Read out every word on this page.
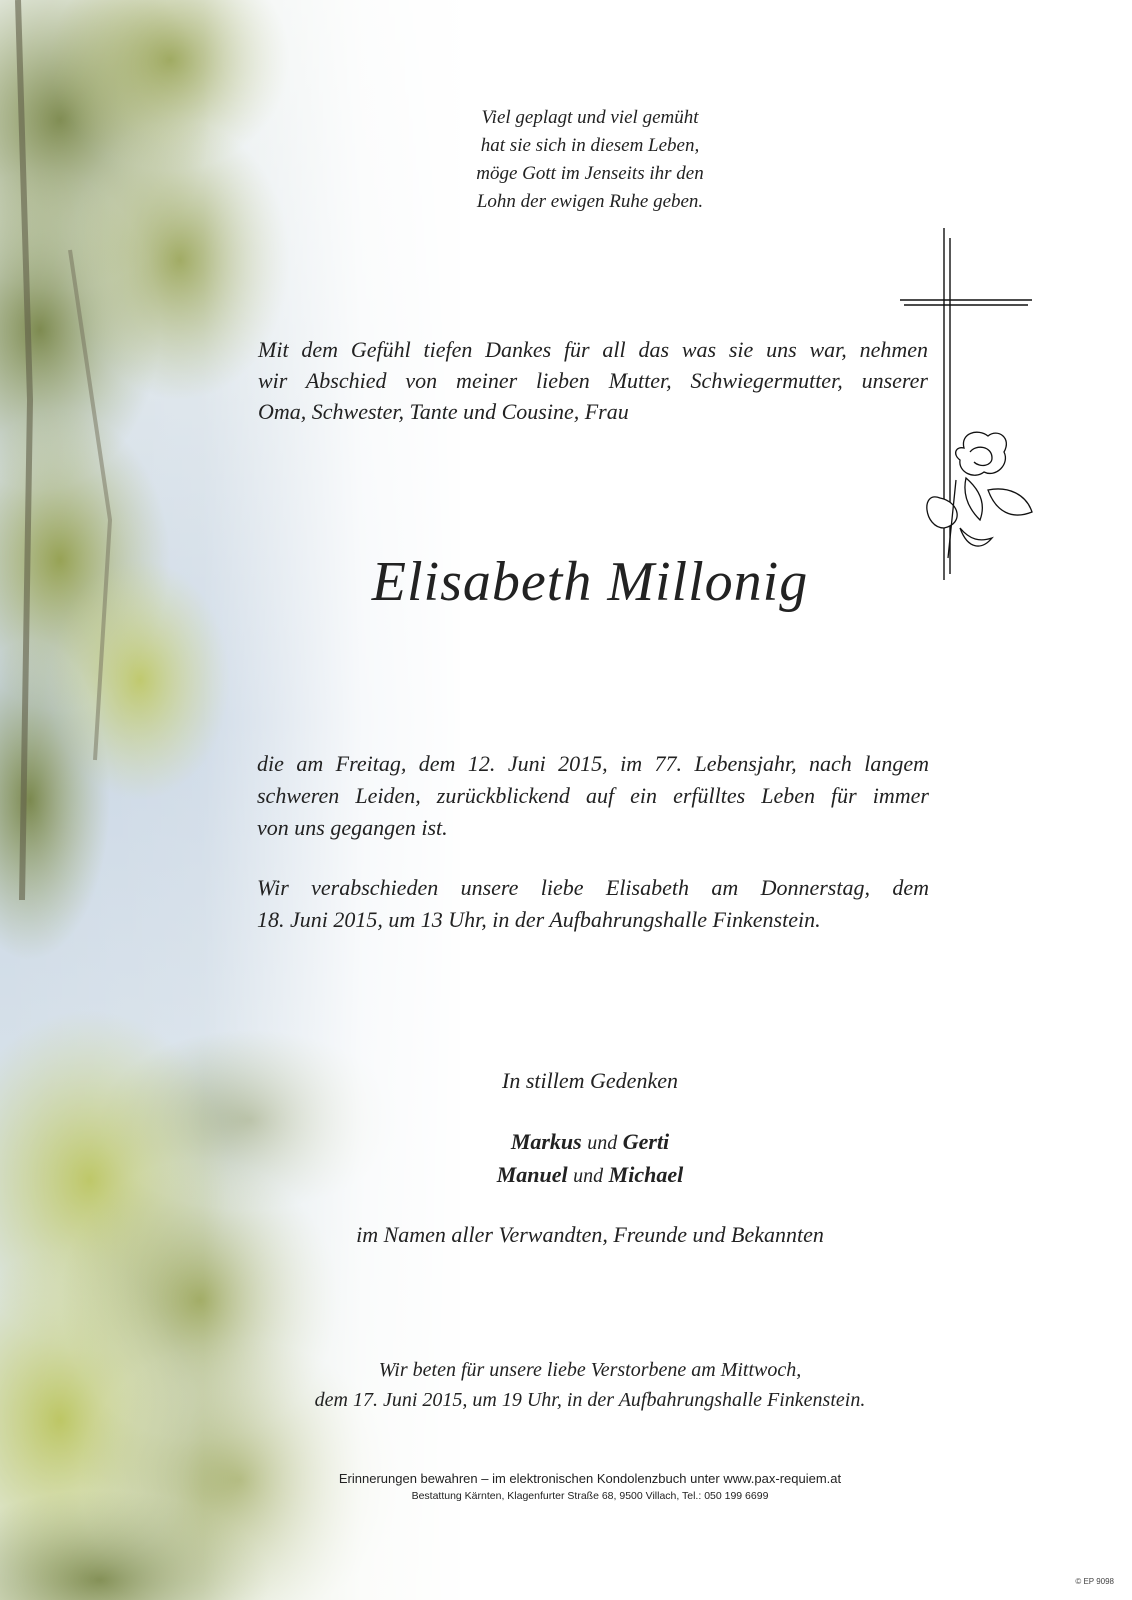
Viel geplagt und viel gemüht
hat sie sich in diesem Leben,
möge Gott im Jenseits ihr den
Lohn der ewigen Ruhe geben.
Mit dem Gefühl tiefen Dankes für all das was sie uns war, nehmen
wir Abschied von meiner lieben Mutter, Schwiegermutter, unserer
Oma, Schwester, Tante und Cousine, Frau
Elisabeth Millonig
die am Freitag, dem 12. Juni 2015, im 77. Lebensjahr, nach langem
schweren Leiden, zurückblickend auf ein erfülltes Leben für immer
von uns gegangen ist.
Wir verabschieden unsere liebe Elisabeth am Donnerstag, dem
18. Juni 2015, um 13 Uhr, in der Aufbahrungshalle Finkenstein.
In stillem Gedenken
Markus und Gerti
Manuel und Michael
im Namen aller Verwandten, Freunde und Bekannten
Wir beten für unsere liebe Verstorbene am Mittwoch,
dem 17. Juni 2015, um 19 Uhr, in der Aufbahrungshalle Finkenstein.
Erinnerungen bewahren – im elektronischen Kondolenzbuch unter www.pax-requiem.at
Bestattung Kärnten, Klagenfurter Straße 68, 9500 Villach, Tel.: 050 199 6699
© EP 9098
